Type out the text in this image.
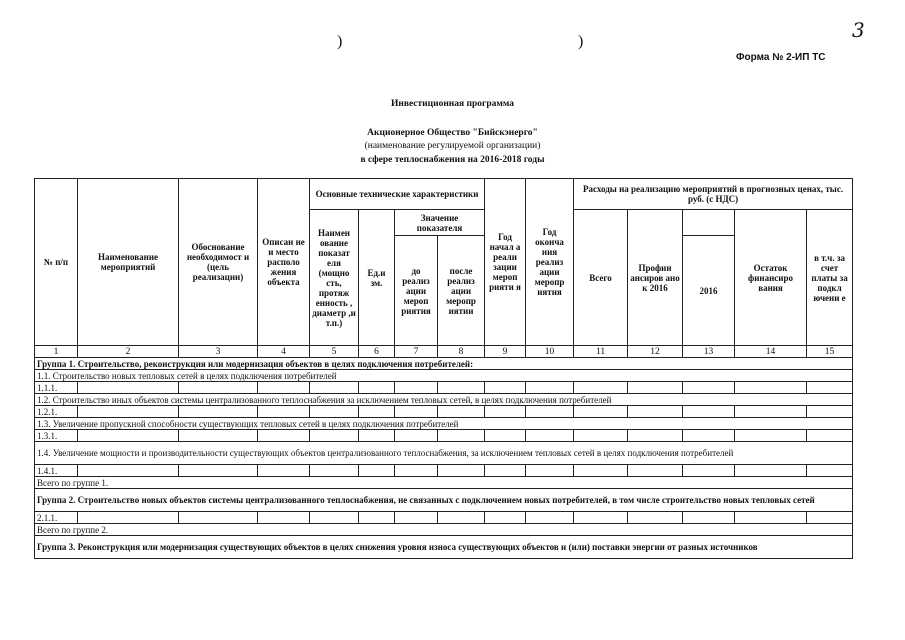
3
)	)
Форма № 2-ИП ТС
Инвестиционная программа
Акционерное Общество "Бийскэнерго"
(наименование регулируемой организации)
в сфере теплоснабжения на 2016-2018 годы
№ п/п	Наименование мероприятий	Обоснование необходимост и (цель реализации)	Описан не и место располо жения объекта	Основные технические характеристики				Год начал а реали зации мероп рияти я	Год оконча ния реализ ации меропр иятия	Расходы на реализацию мероприятий в прогнозных ценах, тыс. руб. (с НДС)				
				Наимен ование показат еля (мощно сть, протяж енность , диаметр ,и т.п.)	Ед.и зм.	Значение показателя				Всего	Профин ансиров ано к 2016		Остаток финансиро вания	в т.ч. за счет платы за подкл ючени е
						до реализ ации мероп риятия	после реализ ации меропр иятии					2016		
1	2	3	4	5	6	7	8	9	10	11	12	13	14	15
Группа 1. Строительство, реконструкция или модернизация объектов в целях подключения потребителей:														
1.1. Строительство новых тепловых сетей в целях подключения потребителей														
1.1.1.														
1.2. Строительство иных объектов системы централизованного теплоснабжения за исключением тепловых сетей, в целях подключения потребителей														
1.2.1.														
1.3. Увеличение пропускной способности существующих тепловых сетей в целях подключения потребителей														
1.3.1.														
1.4. Увеличение мощности и производительности существующих объектов централизованного теплоснабжения, за исключением тепловых сетей в целях подключения потребителей														
1.4.1.														
Всего по группе 1.														
Группа 2. Строительство новых объектов системы централизованного теплоснабжения, не связанных с подключением новых потребителей, в том числе строительство новых тепловых сетей														
2.1.1.														
Всего по группе 2.														
Группа 3. Реконструкция или модернизация существующих объектов в целях снижения уровня износа существующих объектов и (или) поставки энергии от разных источников														
